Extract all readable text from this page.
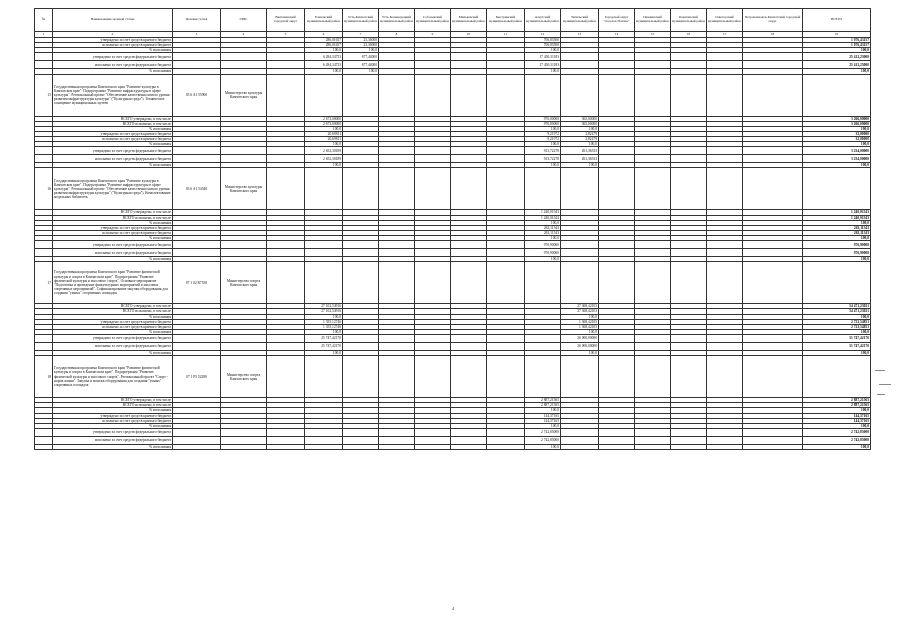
№	Наименование целевой статьи	Целевая статья	ГРБС	Вилючинский городской округ	Елизовский муниципальный район	Усть-Камчатский муниципальный район	Усть-Большерецкий муниципальный район	Соболевский муниципальный район	Мильковский муниципальный район	Быстринский муниципальный район	Алеутский муниципальный район	Тигильский муниципальный район	Городской округ "поселок Палана"	Пенжинский муниципальный район	Карагинский муниципальный район	Олюторский муниципальный район	Петропавловск-Камчатский городской округ	ВСЕГО
1	2	3	4	5	6	7	8	9	10	11	12	13	14	15	16	17	18	19
	утверждено за счет средств краевого бюджета				286,01657	23,36000					706,83500							1 076,43157
	исполнено за счет средств краевого бюджета				286,01657	23,36000					706,83500							1 076,43157
	% исполнения				100,0	100,0					100,0							100,0
	утверждено за счет средств федерального бюджета				6 284,34753	677,44000					17 450,31183							25 412,25000
	исполнено за счет средств федерального бюджета				6 284,34753	677,44000					17 450,31183							25 412,25000
	% исполнения				100,0	100,0					100,0							100,0
15	Государственная программа Камчатского края "Развитие культуры в Камчатском крае". Подпрограмма "Развитие инфраструктуры в сфере культуры". Региональный проект "Обеспечение качественно нового уровня развития инфраструктуры культуры" ("Культурная среда"). Техническое оснащение муниципальных музеев	03 6 A1 55900	Министерство культуры Камчатского края															
	ВСЕГО утверждено, в том числе				2 673,00000						976,00000	365,00000						3 266,00000
	ВСЕГО исполнено, в том числе				2 673,00000						976,00000	365,00000						3 266,00000
	% исполнения				100,0						100,0	100,0						100,0
	утверждено за счет средств краевого бюджета				20,69811						9,21972	2,82479						32,00000
	исполнено за счет средств краевого бюджета				20,69811						9,21972	2,82479						32,00000
	% исполнения				100,0						100,0	100,0						100,0
	утверждено за счет средств федерального бюджета				2 652,30189						913,72278	261,36533						3 234,00000
	исполнено за счет средств федерального бюджета				2 652,30189						913,72278	261,36533						3 234,00000
	% исполнения				100,0						100,0	100,0						100,0
16	Государственная программа Камчатского края "Развитие культуры в Камчатском крае". Подпрограмма "Развитие инфраструктуры в сфере культуры". Региональный проект "Обеспечение качественно нового уровня развития инфраструктуры культуры" ("Культурная среда"). Комплектование модельных библиотек	03 6 A1 54540	Министерство культуры Камчатского края															
	ВСЕГО утверждено, в том числе										1 240,01543							1 240,01543
	ВСЕГО исполнено, в том числе										1 240,01543							1 240,01543
	% исполнения										100,0							100,0
	утверждено за счет средств краевого бюджета										263,11543							263,11543
	исполнено за счет средств краевого бюджета										263,11543							263,11543
	% исполнения										100,0							100,0
	утверждено за счет средств федерального бюджета										976,90000							976,90000
	исполнено за счет средств федерального бюджета										976,90000							976,90000
	% исполнения										100,0							100,0
17	Государственная программа Камчатского края "Развитие физической культуры и спорта в Камчатском крае". Подпрограмма "Развитие физической культуры и массового спорта". Основное мероприятие "Подготовка и проведение физкультурных мероприятий и массовых спортивных мероприятий". Софинансирование закупки оборудования для создания "умных" спортивных площадок	07 1 02 R7530	Министерство спорта Камчатского края															
	ВСЕГО утверждено, в том числе				27 102,54916							27 368,42103						54 471,23021
	ВСЕГО исполнено, в том числе				27 102,54916							27 368,42103						54 471,23021
	% исполнения				100,0							100,0						100,0
	утверждено за счет средств краевого бюджета				1 355,12746							1 368,42105						2 723,54851
	исполнено за счет средств краевого бюджета				1 355,12746							1 368,42105						2 723,54851
	% исполнения				100,0							100,0						100,0
	утверждено за счет средств федерального бюджета				25 747,42170							26 000,00000						51 747,42170
	исполнено за счет средств федерального бюджета				25 747,42170							26 000,00000						51 747,42170
	% исполнения				100,0							100,0						100,0
18	Государственная программа Камчатского края "Развитие физической культуры и спорта в Камчатском крае". Подпрограмма "Развитие физической культуры и массового спорта". Региональный проект "Спорт - норма жизни". Закупка и монтаж оборудования для создания "умных" спортивных площадок	07 1 P5 52280	Министерство спорта Камчатского края															
	ВСЕГО утверждено, в том числе										2 887,21565							2 887,21565
	ВСЕГО исполнено, в том числе										2 887,21565							2 887,21565
	% исполнения										100,0							100,0
	утверждено за счет средств краевого бюджета										144,37165							144,37165
	исполнено за счет средств краевого бюджета										144,37165							144,37165
	% исполнения										100,0							100,0
	утверждено за счет средств федерального бюджета										2 742,85000							2 742,85000
	исполнено за счет средств федерального бюджета										2 742,85000							2 742,85000
	% исполнения										100,0							100,0
4
